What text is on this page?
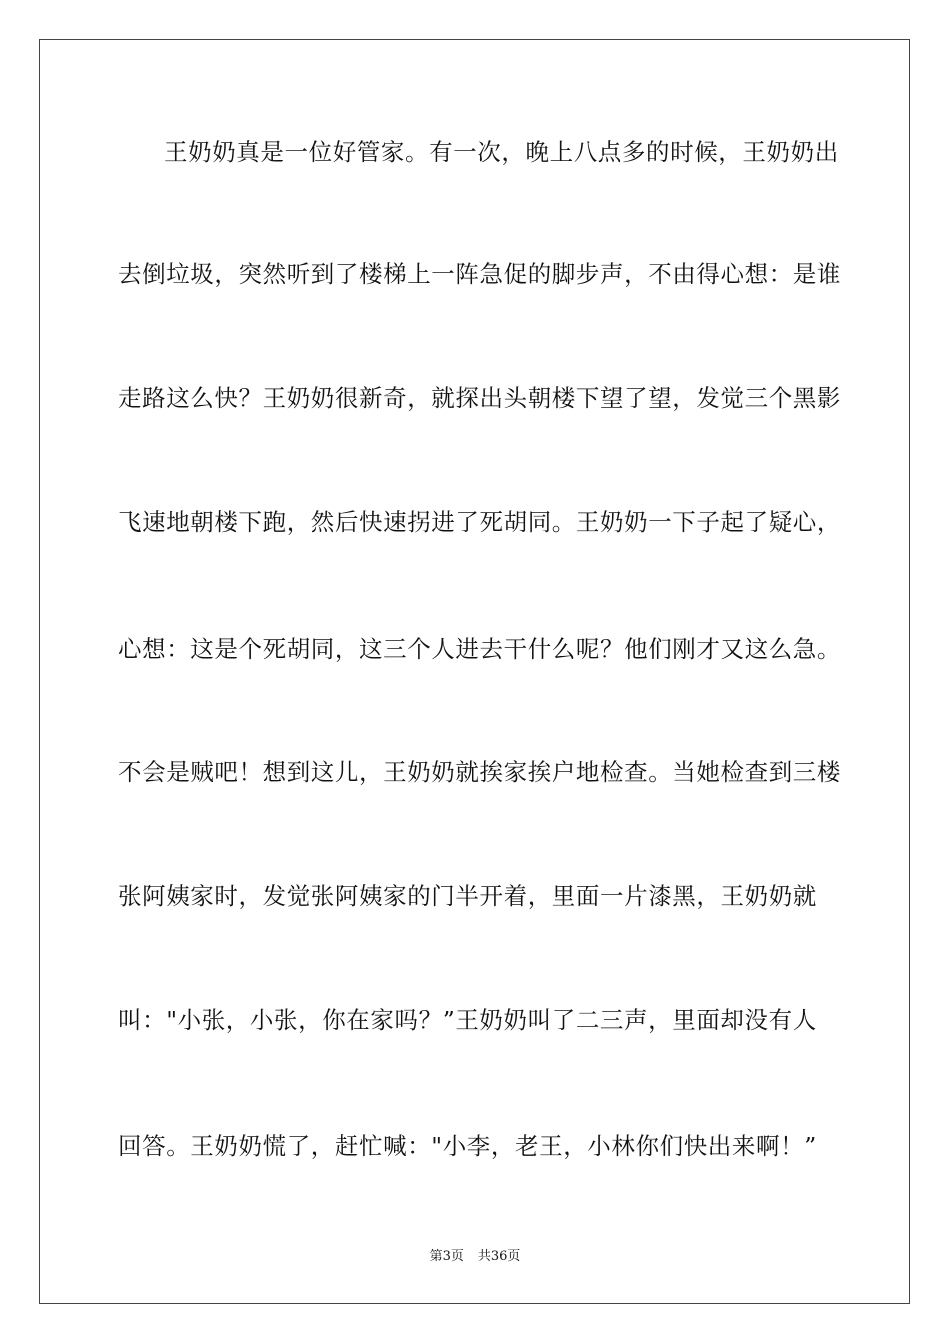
王奶奶真是一位好管家。有一次，晚上八点多的时候，王奶奶出
去倒垃圾，突然听到了楼梯上一阵急促的脚步声，不由得心想：是谁
走路这么快？王奶奶很新奇，就探出头朝楼下望了望，发觉三个黑影
飞速地朝楼下跑，然后快速拐进了死胡同。王奶奶一下子起了疑心，
心想：这是个死胡同，这三个人进去干什么呢？他们刚才又这么急。
不会是贼吧！想到这儿，王奶奶就挨家挨户地检查。当她检查到三楼
张阿姨家时，发觉张阿姨家的门半开着，里面一片漆黑，王奶奶就
叫："小张，小张，你在家吗？”王奶奶叫了二三声，里面却没有人
回答。王奶奶慌了，赶忙喊："小李，老王，小林你们快出来啊！”
第3页 共36页
